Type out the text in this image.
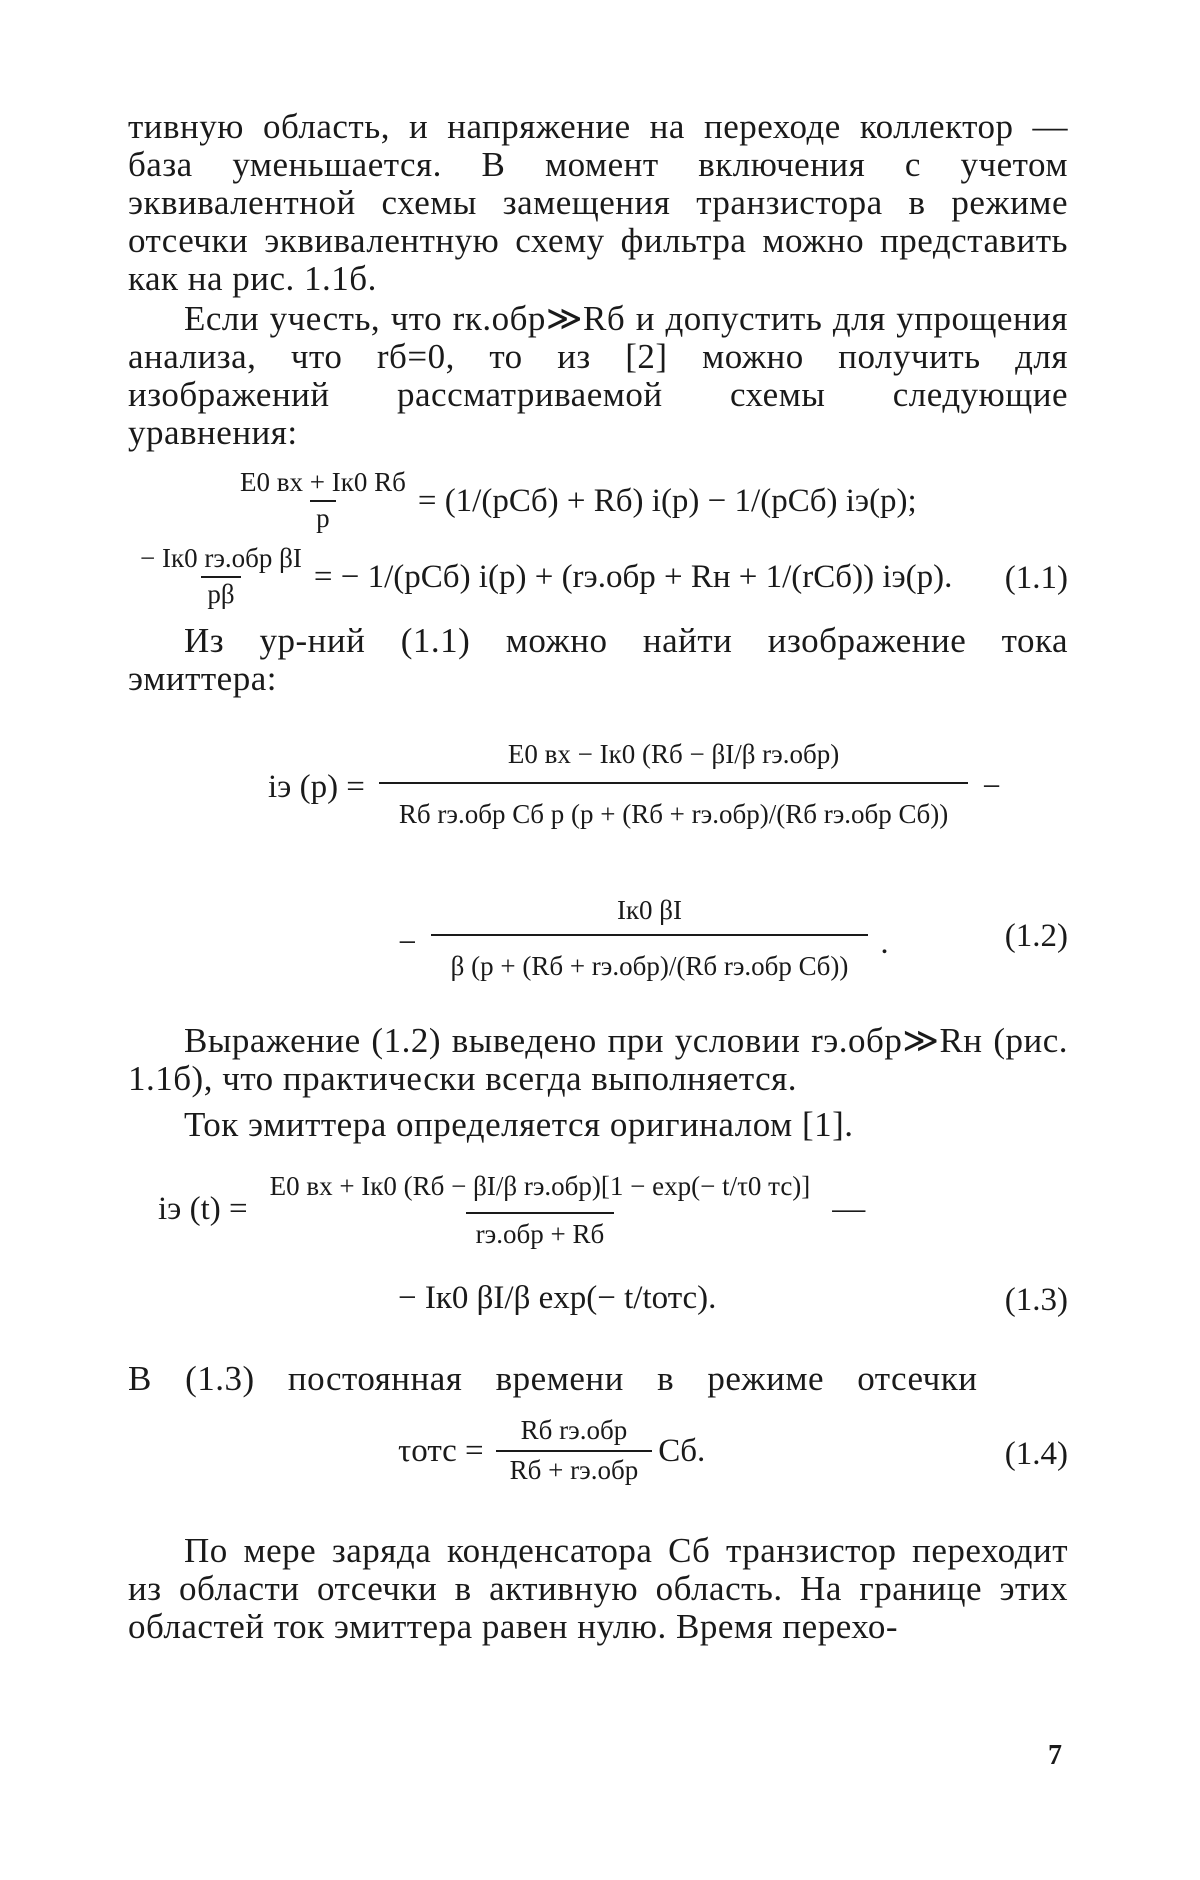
тивную область, и напряжение на переходе коллектор — база уменьшается. В момент включения с учетом эквивалентной схемы замещения транзистора в режиме отсечки эквивалентную схему фильтра можно представить как на рис. 1.1б.

Если учесть, что rк.обр≫Rб и допустить для упрощения анализа, что rб=0, то из [2] можно получить для изображений рассматриваемой схемы следующие уравнения:

$\frac{E0 вх + Iк0 Rб}{p} = (1/(pCб) + Rб) i(p) - 1/(pCб)$ iэ(p);
$\frac{\text{− Iк0 rэ.обр βI}}{p\beta}$ = − 1/(pCб) i(p) + (rэ.обр + Rн + 1/(rCб)) iэ(p). (1.1)

Из ур-ний (1.1) можно найти изображение тока эмиттера:

iэ $(p) = \frac{\text{E0 вх − Iк0 (Rб − βI/β rэ.обр)}}{\text{Rб rэ.обр Cб p (p + (Rб + rэ.обр)/(Rб rэ.обр Cб))}}$ −
− $\frac{Iк0 \beta I}{\text{β (p + (Rб + rэ.обр)/(Rб rэ.обр Cб))}}$ .	(1.2)

Выражение (1.2) выведено при условии rэ.обр≫Rн (рис. 1.1б), что практически всегда выполняется.

Ток эмиттера определяется оригиналом [1].

iэ $(t) = \frac{\text{E0 вх + Iк0 (Rб − βI/β rэ.обр)[1 − exp(− t/τ0 тс)]}}{\text{rэ.обр + Rб}}$ —
− Iк0 βI/β exp(− t/tотс).	(1.3)

В (1.3) постоянная времени в режиме отсечки

$\tau отс = \frac{\text{Rб rэ.обр}}{\text{Rб + rэ.обр}}$ Cб.	(1.4)

По мере заряда конденсатора Cб транзистор переходит из области отсечки в активную область. На границе этих областей ток эмиттера равен нулю. Время перехо-

7
